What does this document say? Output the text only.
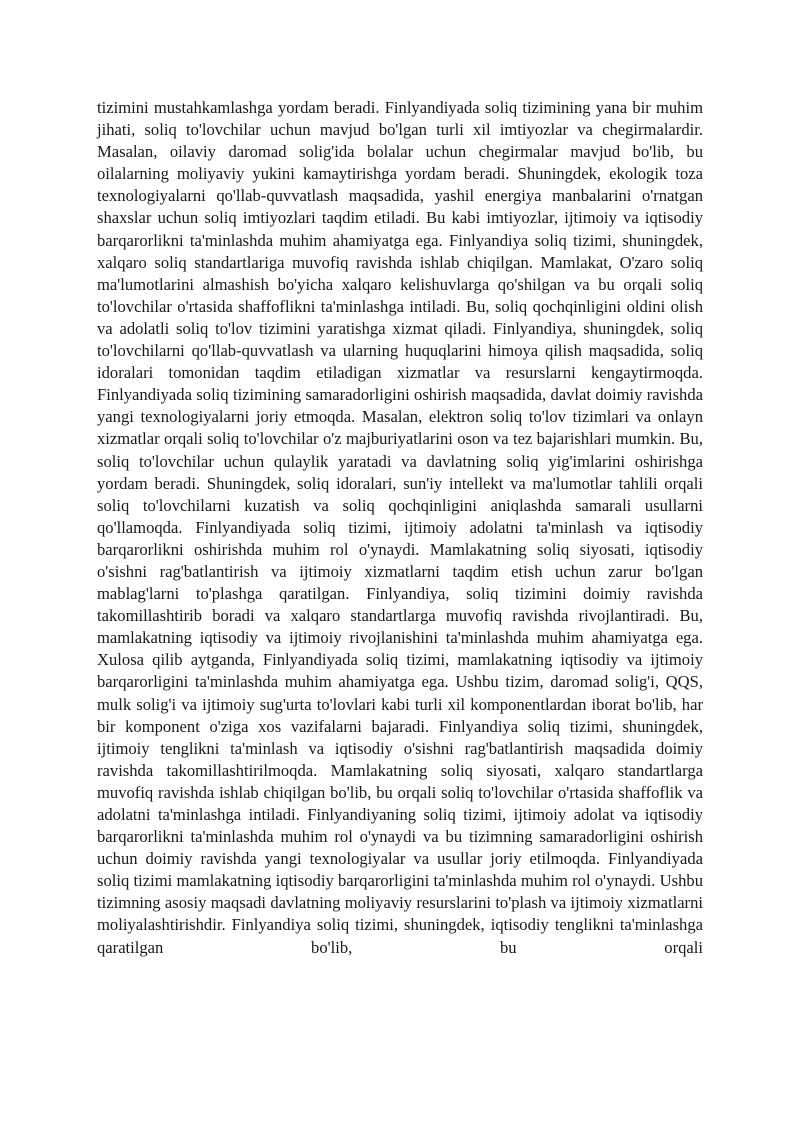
tizimini mustahkamlashga yordam beradi. Finlyandiyada soliq tizimining yana bir muhim jihati, soliq to'lovchilar uchun mavjud bo'lgan turli xil imtiyozlar va chegirmalardir. Masalan, oilaviy daromad solig'ida bolalar uchun chegirmalar mavjud bo'lib, bu oilalarning moliyaviy yukini kamaytirishga yordam beradi. Shuningdek, ekologik toza texnologiyalarni qo'llab-quvvatlash maqsadida, yashil energiya manbalarini o'rnatgan shaxslar uchun soliq imtiyozlari taqdim etiladi. Bu kabi imtiyozlar, ijtimoiy va iqtisodiy barqarorlikni ta'minlashda muhim ahamiyatga ega. Finlyandiya soliq tizimi, shuningdek, xalqaro soliq standartlariga muvofiq ravishda ishlab chiqilgan. Mamlakat, O'zaro soliq ma'lumotlarini almashish bo'yicha xalqaro kelishuvlarga qo'shilgan va bu orqali soliq to'lovchilar o'rtasida shaffoflikni ta'minlashga intiladi. Bu, soliq qochqinligini oldini olish va adolatli soliq to'lov tizimini yaratishga xizmat qiladi. Finlyandiya, shuningdek, soliq to'lovchilarni qo'llab-quvvatlash va ularning huquqlarini himoya qilish maqsadida, soliq idoralari tomonidan taqdim etiladigan xizmatlar va resurslarni kengaytirmoqda. Finlyandiyada soliq tizimining samaradorligini oshirish maqsadida, davlat doimiy ravishda yangi texnologiyalarni joriy etmoqda. Masalan, elektron soliq to'lov tizimlari va onlayn xizmatlar orqali soliq to'lovchilar o'z majburiyatlarini oson va tez bajarishlari mumkin. Bu, soliq to'lovchilar uchun qulaylik yaratadi va davlatning soliq yig'imlarini oshirishga yordam beradi. Shuningdek, soliq idoralari, sun'iy intellekt va ma'lumotlar tahlili orqali soliq to'lovchilarni kuzatish va soliq qochqinligini aniqlashda samarali usullarni qo'llamoqda. Finlyandiyada soliq tizimi, ijtimoiy adolatni ta'minlash va iqtisodiy barqarorlikni oshirishda muhim rol o'ynaydi. Mamlakatning soliq siyosati, iqtisodiy o'sishni rag'batlantirish va ijtimoiy xizmatlarni taqdim etish uchun zarur bo'lgan mablag'larni to'plashga qaratilgan. Finlyandiya, soliq tizimini doimiy ravishda takomillashtirib boradi va xalqaro standartlarga muvofiq ravishda rivojlantiradi. Bu, mamlakatning iqtisodiy va ijtimoiy rivojlanishini ta'minlashda muhim ahamiyatga ega. Xulosa qilib aytganda, Finlyandiyada soliq tizimi, mamlakatning iqtisodiy va ijtimoiy barqarorligini ta'minlashda muhim ahamiyatga ega. Ushbu tizim, daromad solig'i, QQS, mulk solig'i va ijtimoiy sug'urta to'lovlari kabi turli xil komponentlardan iborat bo'lib, har bir komponent o'ziga xos vazifalarni bajaradi. Finlyandiya soliq tizimi, shuningdek, ijtimoiy tenglikni ta'minlash va iqtisodiy o'sishni rag'batlantirish maqsadida doimiy ravishda takomillashtirilmoqda. Mamlakatning soliq siyosati, xalqaro standartlarga muvofiq ravishda ishlab chiqilgan bo'lib, bu orqali soliq to'lovchilar o'rtasida shaffoflik va adolatni ta'minlashga intiladi. Finlyandiyaning soliq tizimi, ijtimoiy adolat va iqtisodiy barqarorlikni ta'minlashda muhim rol o'ynaydi va bu tizimning samaradorligini oshirish uchun doimiy ravishda yangi texnologiyalar va usullar joriy etilmoqda. Finlyandiyada soliq tizimi mamlakatning iqtisodiy barqarorligini ta'minlashda muhim rol o'ynaydi. Ushbu tizimning asosiy maqsadi davlatning moliyaviy resurslarini to'plash va ijtimoiy xizmatlarni moliyalashtirishdir. Finlyandiya soliq tizimi, shuningdek, iqtisodiy tenglikni ta'minlashga qaratilgan bo'lib, bu orqali
